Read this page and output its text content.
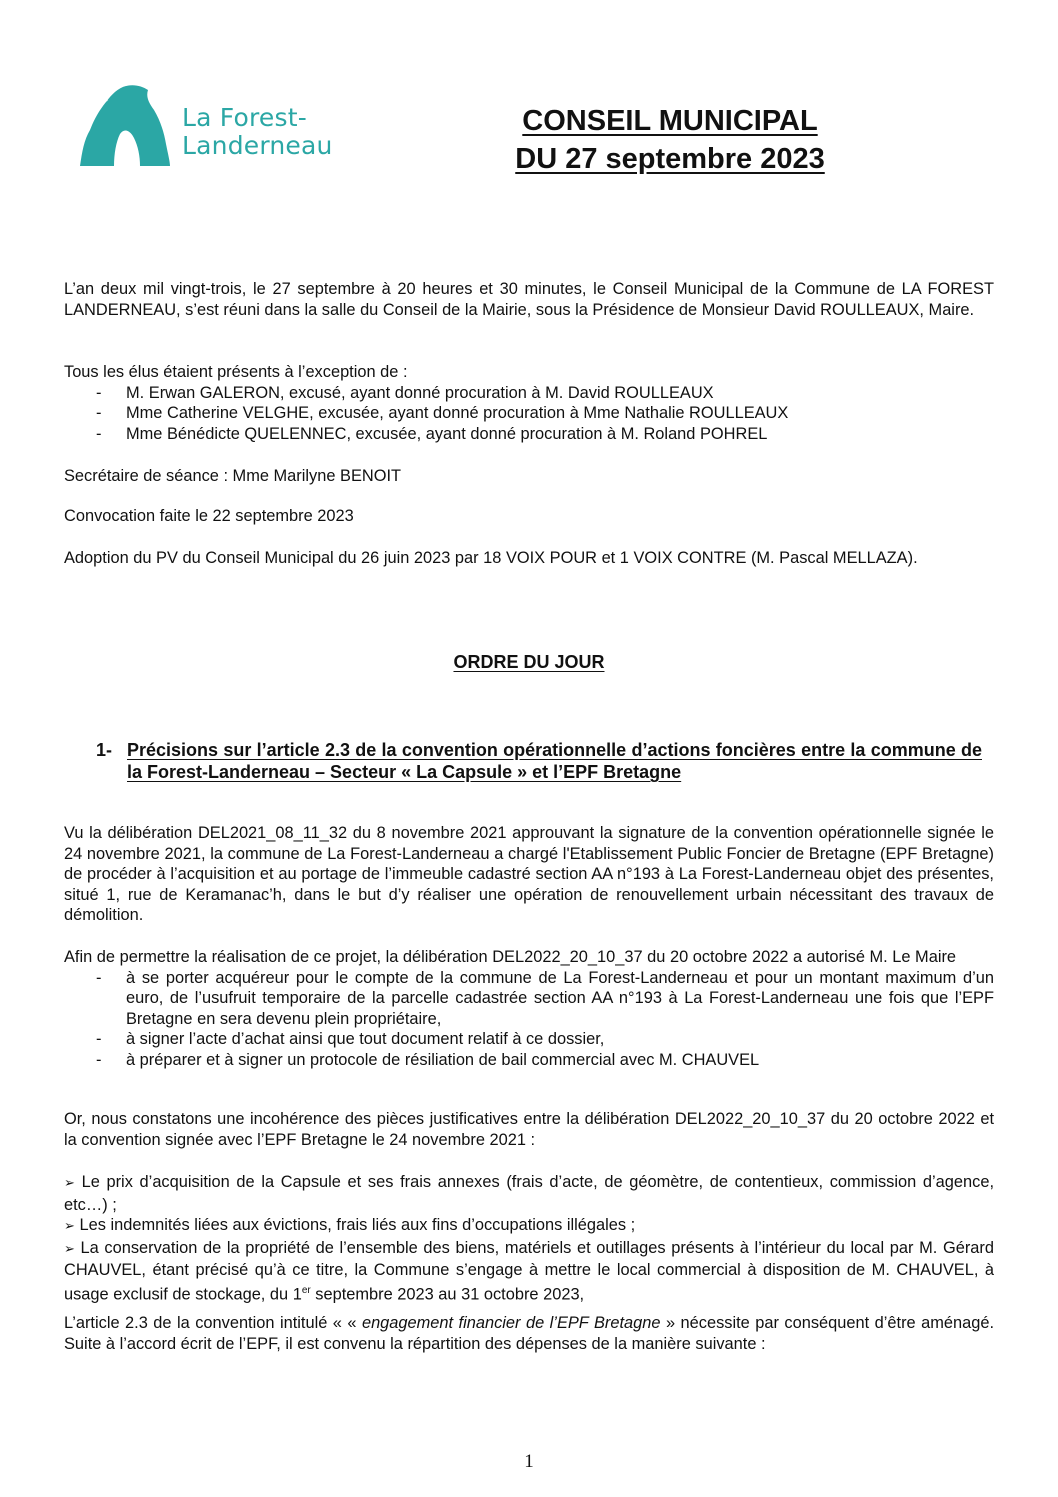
La Forest-
Landerneau
CONSEIL MUNICIPAL
DU 27 septembre 2023

L’an deux mil vingt-trois, le 27 septembre à 20 heures et 30 minutes, le Conseil Municipal de la Commune de LA FOREST LANDERNEAU, s’est réuni dans la salle du Conseil de la Mairie, sous la Présidence de Monsieur David ROULLEAUX, Maire.

Tous les élus étaient présents à l’exception de :

- M. Erwan GALERON, excusé, ayant donné procuration à M. David ROULLEAUX
- Mme Catherine VELGHE, excusée, ayant donné procuration à Mme Nathalie ROULLEAUX
- Mme Bénédicte QUELENNEC, excusée, ayant donné procuration à M. Roland POHREL

Secrétaire de séance : Mme Marilyne BENOIT

Convocation faite le 22 septembre 2023

Adoption du PV du Conseil Municipal du 26 juin 2023 par 18 VOIX POUR et 1 VOIX CONTRE (M. Pascal MELLAZA).

ORDRE DU JOUR
1- Précisions sur l’article 2.3 de la convention opérationnelle d’actions foncières entre la commune de la Forest-Landerneau – Secteur « La Capsule » et l’EPF Bretagne

Vu la délibération DEL2021_08_11_32 du 8 novembre 2021 approuvant la signature de la convention opérationnelle signée le 24 novembre 2021, la commune de La Forest-Landerneau a chargé l'Etablissement Public Foncier de Bretagne (EPF Bretagne) de procéder à l’acquisition et au portage de l’immeuble cadastré section AA n°193 à La Forest-Landerneau objet des présentes, situé 1, rue de Keramanac’h, dans le but d’y réaliser une opération de renouvellement urbain nécessitant des travaux de démolition.

Afin de permettre la réalisation de ce projet, la délibération DEL2022_20_10_37 du 20 octobre 2022 a autorisé M. Le Maire

- à se porter acquéreur pour le compte de la commune de La Forest-Landerneau et pour un montant maximum d’un euro, de l’usufruit temporaire de la parcelle cadastrée section AA n°193 à La Forest-Landerneau une fois que l’EPF Bretagne en sera devenu plein propriétaire,
- à signer l’acte d’achat ainsi que tout document relatif à ce dossier,
- à préparer et à signer un protocole de résiliation de bail commercial avec M. CHAUVEL

Or, nous constatons une incohérence des pièces justificatives entre la délibération DEL2022_20_10_37 du 20 octobre 2022 et la convention signée avec l’EPF Bretagne le 24 novembre 2021 :

➢ Le prix d’acquisition de la Capsule et ses frais annexes (frais d’acte, de géomètre, de contentieux, commission d’agence, etc…) ;

➢ Les indemnités liées aux évictions, frais liés aux fins d’occupations illégales ;

➢ La conservation de la propriété de l’ensemble des biens, matériels et outillages présents à l’intérieur du local par M. Gérard CHAUVEL, étant précisé qu’à ce titre, la Commune s’engage à mettre le local commercial à disposition de M. CHAUVEL, à usage exclusif de stockage, du 1er septembre 2023 au 31 octobre 2023,

L’article 2.3 de la convention intitulé « « engagement financier de l’EPF Bretagne » nécessite par conséquent d’être aménagé. Suite à l’accord écrit de l’EPF, il est convenu la répartition des dépenses de la manière suivante :

1
